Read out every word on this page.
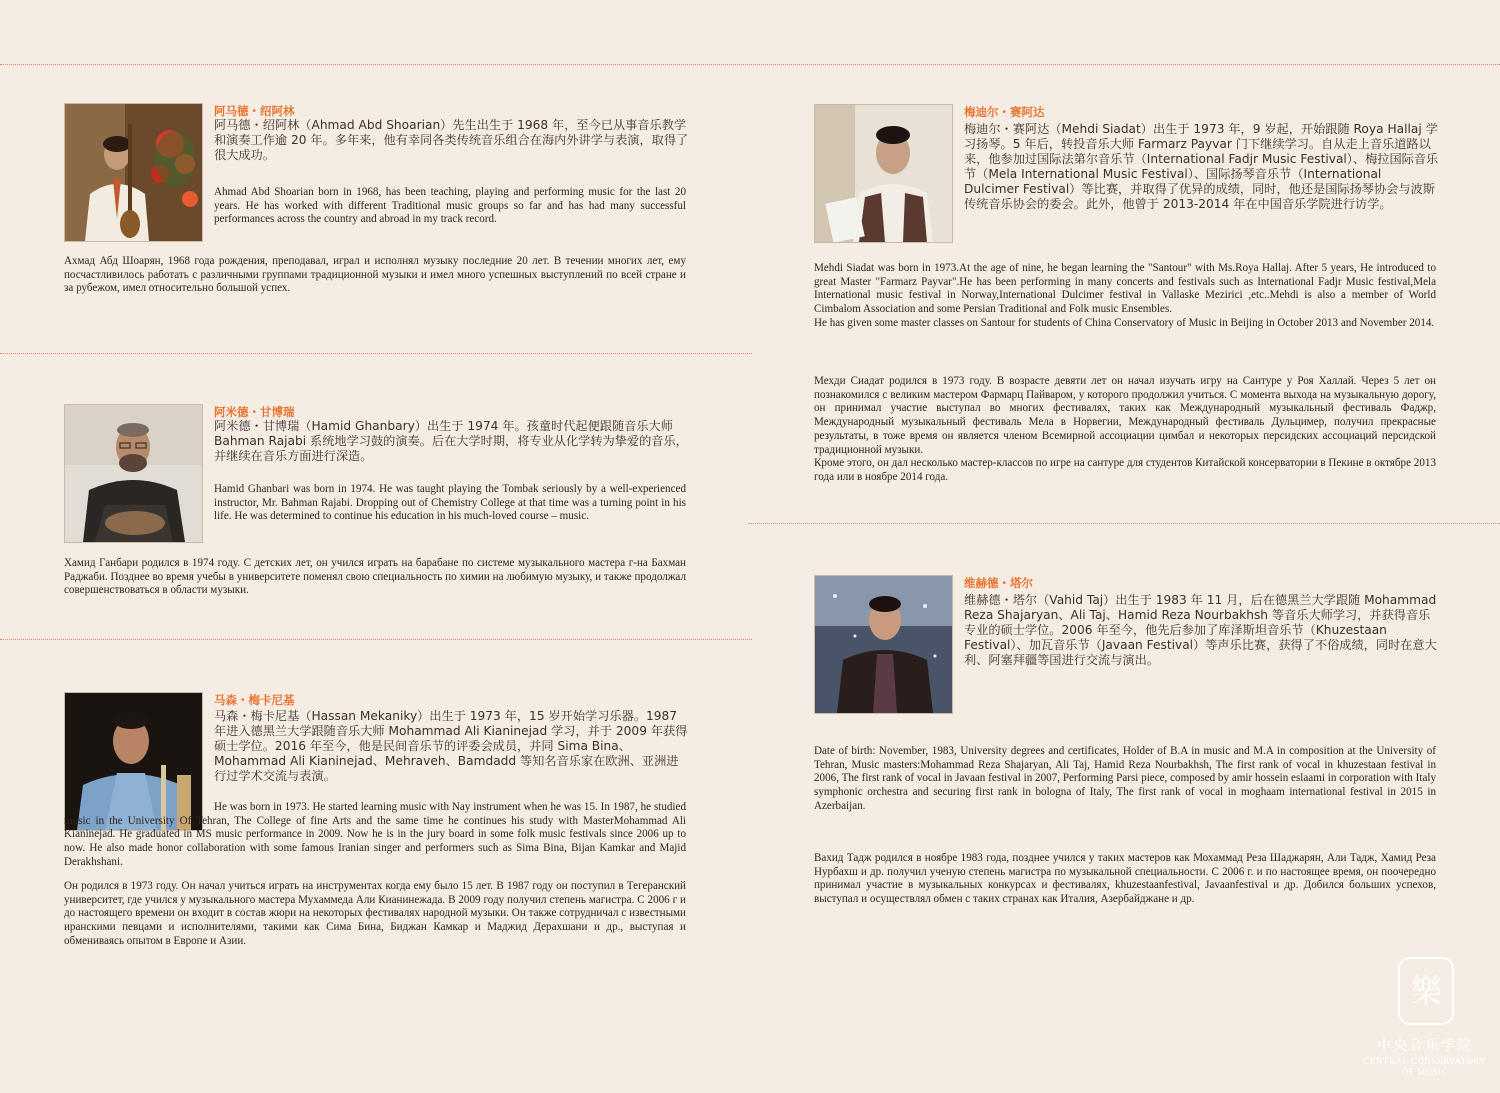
阿马德・绍阿林
阿马德・绍阿林（Ahmad Abd Shoarian）先生出生于 1968 年，至今已从事音乐教学和演奏工作逾 20 年。多年来，他有幸同各类传统音乐组合在海内外讲学与表演，取得了很大成功。
Ahmad Abd Shoarian born in 1968, has been teaching, playing and performing music for the last 20 years. He has worked with different Traditional music groups so far and has had many successful performances across the country and abroad in my track record.
Ахмад Абд Шоарян, 1968 года рождения, преподавал, играл и исполнял музыку последние 20 лет. В течении многих лет, ему посчастливилось работать с различными группами традиционной музыки и имел много успешных выступлений по всей стране и за рубежом, имел относительно большой успех.
阿米德・甘博瑞
阿米德・甘博瑞（Hamid Ghanbary）出生于 1974 年。孩童时代起便跟随音乐大师 Bahman Rajabi 系统地学习鼓的演奏。后在大学时期，将专业从化学转为挚爱的音乐，并继续在音乐方面进行深造。
Hamid Ghanbari was born in 1974. He was taught playing the Tombak seriously by a well-experienced instructor, Mr. Bahman Rajabi. Dropping out of Chemistry College at that time was a turning point in his life. He was determined to continue his education in his much-loved course – music.
Хамид Ганбари родился в 1974 году. С детских лет, он учился играть на барабане по системе музыкального мастера г-на Бахман Раджаби. Позднее во время учебы в университете поменял свою специальность по химии на любимую музыку, и также продолжал совершенствоваться в области музыки.
马森・梅卡尼基
马森・梅卡尼基（Hassan Mekaniky）出生于 1973 年，15 岁开始学习乐器。1987 年进入德黑兰大学跟随音乐大师 Mohammad Ali Kianinejad 学习，并于 2009 年获得硕士学位。2016 年至今，他是民间音乐节的评委会成员，并同 Sima Bina、Mohammad Ali Kianinejad、Mehraveh、Bamdadd 等知名音乐家在欧洲、亚洲进行过学术交流与表演。
He was born in 1973. He started learning music with Nay instrument when he was 15. In 1987, he studied music in the University Of Tehran, The College of fine Arts and the same time he continues his study with MasterMohammad Ali Kianinejad. He graduated in MS music performance in 2009. Now he is in the jury board in some folk music festivals since 2006 up to now. He also made honor collaboration with some famous Iranian singer and performers such as Sima Bina, Bijan Kamkar and Majid Derakhshani.
Он родился в 1973 году. Он начал учиться играть на инструментах когда ему было 15 лет. В 1987 году он поступил в Тегеранский университет, где учился у музыкального мастера Мухаммеда Али Кианинежада. В 2009 году получил степень магистра. С 2006 г и до настоящего времени он входит в состав жюри на некоторых фестивалях народной музыки. Он также сотрудничал с известными иранскими певцами и исполнителями, такими как Сима Бина, Биджан Камкар и Маджид Дерахшани и др., выступая и обмениваясь опытом в Европе и Азии.
梅迪尔・赛阿达
梅迪尔・赛阿达（Mehdi Siadat）出生于 1973 年，9 岁起，开始跟随 Roya Hallaj 学习扬琴。5 年后，转投音乐大师 Farmarz Payvar 门下继续学习。自从走上音乐道路以来，他参加过国际法第尔音乐节（International Fadjr Music Festival）、梅拉国际音乐节（Mela International Music Festival）、国际扬琴音乐节（International Dulcimer Festival）等比赛，并取得了优异的成绩，同时，他还是国际扬琴协会与波斯传统音乐协会的委会。此外，他曾于 2013-2014 年在中国音乐学院进行访学。
Mehdi Siadat was born in 1973.At the age of nine, he began learning the "Santour" with Ms.Roya Hallaj. After 5 years, He introduced to great Master "Farmarz Payvar".He has been performing in many concerts and festivals such as International Fadjr Music festival,Mela International music festival in Norway,International Dulcimer festival in Vallaske Mezirici ,etc..Mehdi is also a member of World Cimbalom Association and some Persian Traditional and Folk music Ensembles.
He has given some master classes on Santour for students of China Conservatory of Music in Beijing in October 2013 and November 2014.
Мехди Сиадат родился в 1973 году. В возрасте девяти лет он начал изучать игру на Сантуре у Роя Халлай. Через 5 лет он познакомился с великим мастером Фармарц Пайваром, у которого продолжил учиться. С момента выхода на музыкальную дорогу, он принимал участие выступал во многих фестивалях, таких как Международный музыкальный фестиваль Фаджр, Международный музыкальный фестиваль Мела в Норвегии, Международный фестиваль Дульцимер, получил прекрасные результаты, в тоже время он является членом Всемирной ассоциации цимбал и некоторых персидских ассоциаций персидской традиционной музыки.
Кроме этого, он дал несколько мастер-классов по игре на сантуре для студентов Китайской консерватории в Пекине в октябре 2013 года или в ноябре 2014 года.
维赫德・塔尔
维赫德・塔尔（Vahid Taj）出生于 1983 年 11 月，后在德黑兰大学跟随 Mohammad Reza Shajaryan、Ali Taj、Hamid Reza Nourbakhsh 等音乐大师学习，并获得音乐专业的硕士学位。2006 年至今，他先后参加了库泽斯坦音乐节（Khuzestaan Festival）、加瓦音乐节（Javaan Festival）等声乐比赛，获得了不俗成绩，同时在意大利、阿塞拜疆等国进行交流与演出。
Date of birth: November, 1983, University degrees and certificates, Holder of B.A in music and M.A in composition at the University of Tehran, Music masters:Mohammad Reza Shajaryan, Ali Taj, Hamid Reza Nourbakhsh, The first rank of vocal in khuzestaan festival in 2006, The first rank of vocal in Javaan festival in 2007, Performing Parsi piece, composed by amir hossein eslaami in corporation with Italy symphonic orchestra and securing first rank in bologna of Italy, The first rank of vocal in moghaam international festival in 2015 in Azerbaijan.
Вахид Тадж родился в ноябре 1983 года, позднее учился у таких мастеров как Мохаммад Реза Шаджарян, Али Тадж, Хамид Реза Нурбахш и др. получил ученую степень магистра по музыкальной специальности. С 2006 г. и по настоящее время, он поочередно принимал участие в музыкальных конкурсах и фестивалях, khuzestaanfestival, Javaanfestival и др. Добился больших успехов, выступал и осуществлял обмен с таких странах как Италия, Азербайджане и др.
樂
中央音乐学院
CENTRAL CONSERVATORY
OF MUSIC
